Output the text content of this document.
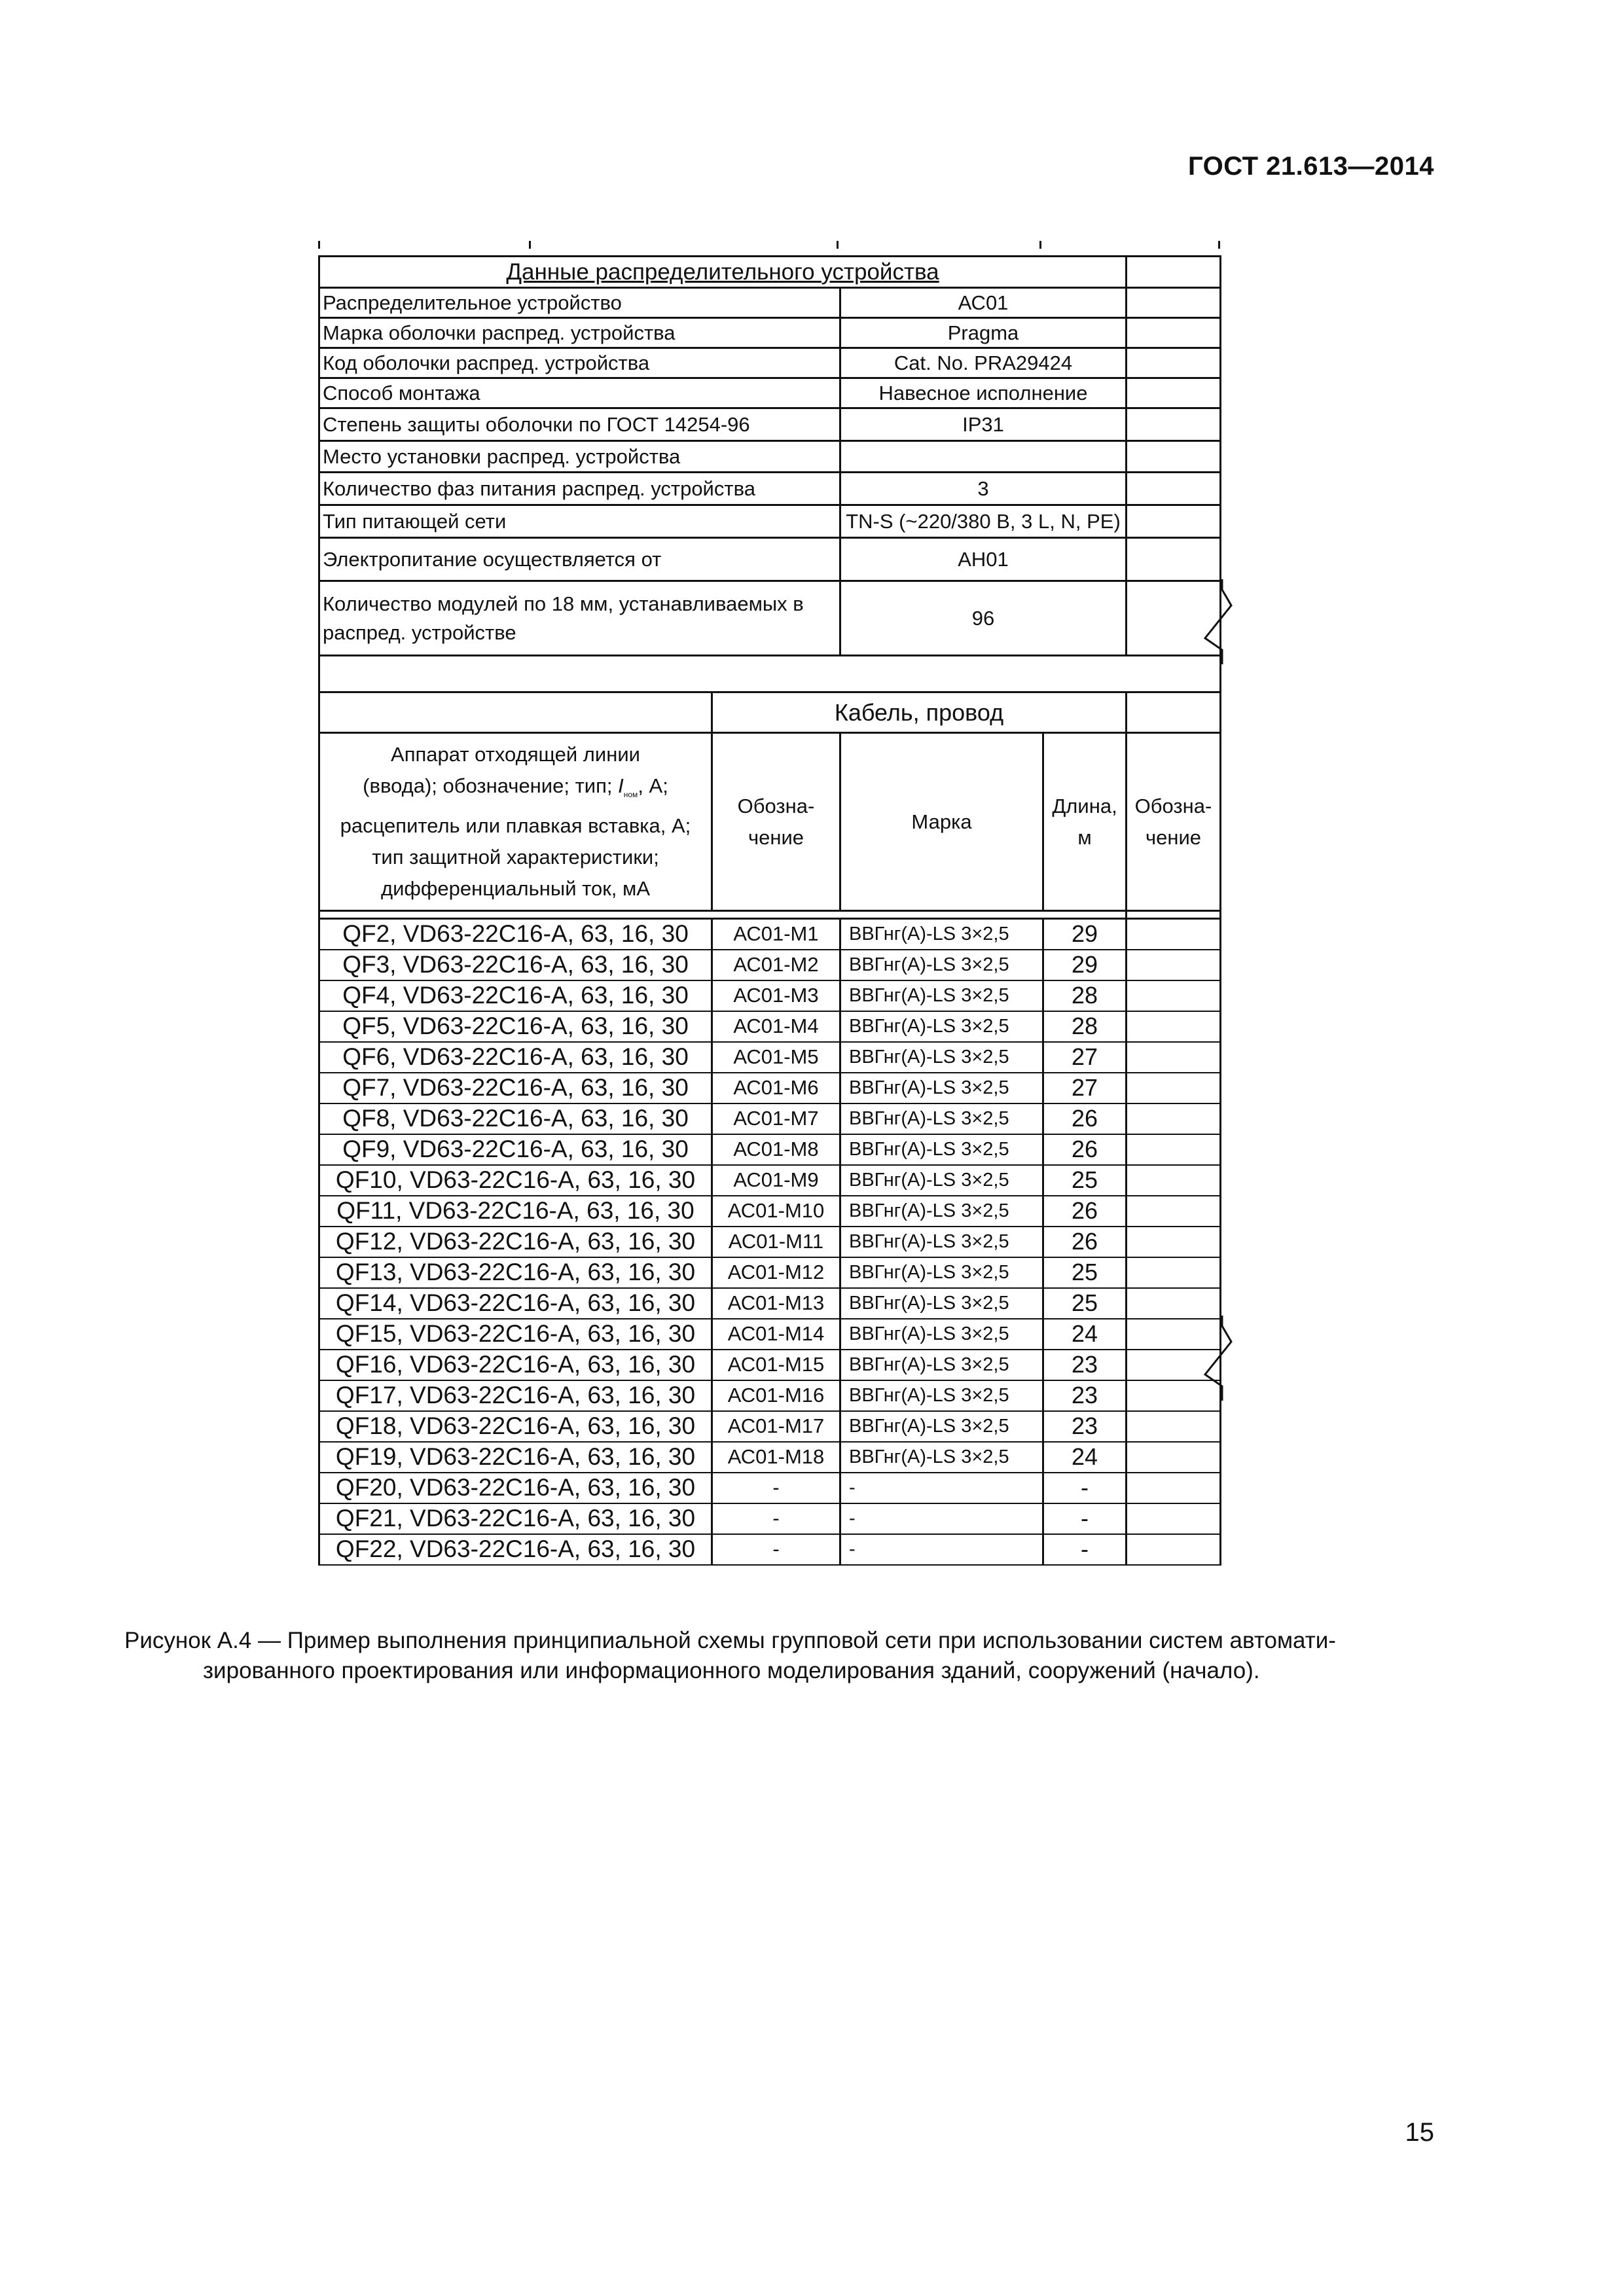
ГОСТ 21.613—2014
Данные распределительного устройства				
Распределительное устройство		АС01		
Марка оболочки распред. устройства		Pragma		
Код оболочки распред. устройства		Cat. No. PRA29424		
Способ монтажа		Навесное исполнение		
Степень защиты оболочки по ГОСТ 14254-96		IP31		
Место установки распред. устройства				
Количество фаз питания распред. устройства		3		
Тип питающей сети		TN-S (~220/380 В, 3 L, N, PE)		
Электропитание осуществляется от		АН01		
Количество модулей по 18 мм, устанавливаемых в распред. устройстве		96		

	Кабель, провод			
Аппарат отходящей линии
(ввода); обозначение; тип; $I_{ном}$, А;
расцепитель или плавкая вставка, А;
тип защитной характеристики;
дифференциальный ток, мА	Обозна-чение	Марка	Длина, м	Обозна-чение

QF2, VD63-22C16-A, 63, 16, 30	АС01-М1	ВВГнг(А)-LS 3×2,5	29	
QF3, VD63-22C16-A, 63, 16, 30	АС01-М2	ВВГнг(А)-LS 3×2,5	29	
QF4, VD63-22C16-A, 63, 16, 30	АС01-М3	ВВГнг(А)-LS 3×2,5	28	
QF5, VD63-22C16-A, 63, 16, 30	АС01-М4	ВВГнг(А)-LS 3×2,5	28	
QF6, VD63-22C16-A, 63, 16, 30	АС01-М5	ВВГнг(А)-LS 3×2,5	27	
QF7, VD63-22C16-A, 63, 16, 30	АС01-М6	ВВГнг(А)-LS 3×2,5	27	
QF8, VD63-22C16-A, 63, 16, 30	АС01-М7	ВВГнг(А)-LS 3×2,5	26	
QF9, VD63-22C16-A, 63, 16, 30	АС01-М8	ВВГнг(А)-LS 3×2,5	26	
QF10, VD63-22C16-A, 63, 16, 30	АС01-М9	ВВГнг(А)-LS 3×2,5	25	
QF11, VD63-22C16-A, 63, 16, 30	АС01-М10	ВВГнг(А)-LS 3×2,5	26	
QF12, VD63-22C16-A, 63, 16, 30	АС01-М11	ВВГнг(А)-LS 3×2,5	26	
QF13, VD63-22C16-A, 63, 16, 30	АС01-М12	ВВГнг(А)-LS 3×2,5	25	
QF14, VD63-22C16-A, 63, 16, 30	АС01-М13	ВВГнг(А)-LS 3×2,5	25	
QF15, VD63-22C16-A, 63, 16, 30	АС01-М14	ВВГнг(А)-LS 3×2,5	24	
QF16, VD63-22C16-A, 63, 16, 30	АС01-М15	ВВГнг(А)-LS 3×2,5	23	
QF17, VD63-22C16-A, 63, 16, 30	АС01-М16	ВВГнг(А)-LS 3×2,5	23	
QF18, VD63-22C16-A, 63, 16, 30	АС01-М17	ВВГнг(А)-LS 3×2,5	23	
QF19, VD63-22C16-A, 63, 16, 30	АС01-М18	ВВГнг(А)-LS 3×2,5	24	
QF20, VD63-22C16-A, 63, 16, 30	-	-	-	
QF21, VD63-22C16-A, 63, 16, 30	-	-	-	
QF22, VD63-22C16-A, 63, 16, 30	-	-	-	
Рисунок А.4 — Пример выполнения принципиальной схемы групповой сети при использовании систем автомати-
зированного проектирования или информационного моделирования зданий, сооружений (начало).
15
